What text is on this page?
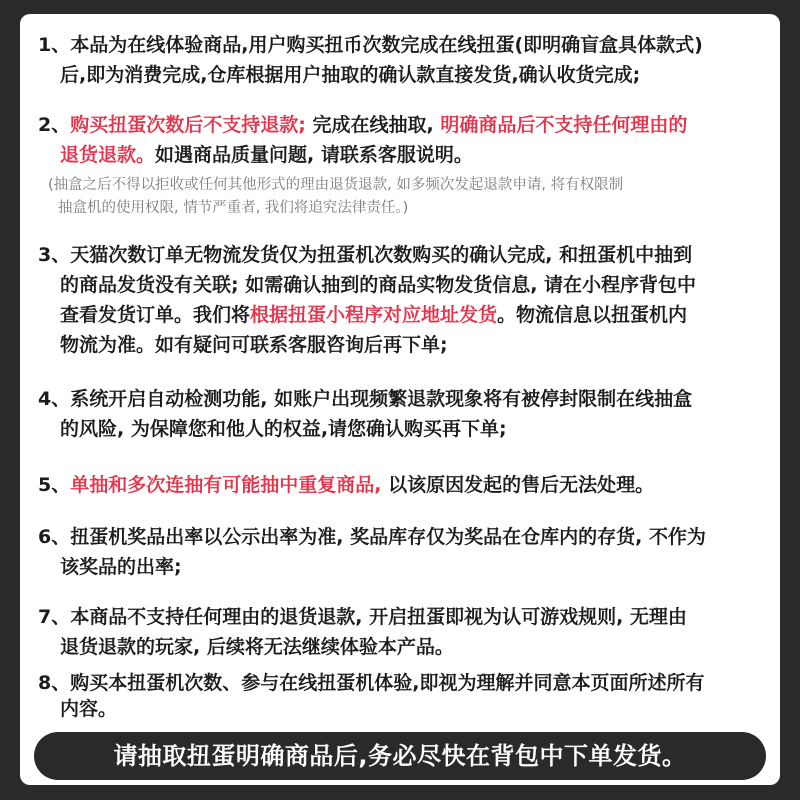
1、本品为在线体验商品,用户购买扭币次数完成在线扭蛋(即明确盲盒具体款式)
后,即为消费完成,仓库根据用户抽取的确认款直接发货,确认收货完成;
2、购买扭蛋次数后不支持退款; 完成在线抽取, 明确商品后不支持任何理由的
退货退款。如遇商品质量问题, 请联系客服说明。
(抽盒之后不得以拒收或任何其他形式的理由退货退款, 如多频次发起退款申请, 将有权限制
抽盒机的使用权限, 情节严重者, 我们将追究法律责任。)
3、天猫次数订单无物流发货仅为扭蛋机次数购买的确认完成, 和扭蛋机中抽到
的商品发货没有关联; 如需确认抽到的商品实物发货信息, 请在小程序背包中
查看发货订单。我们将根据扭蛋小程序对应地址发货。物流信息以扭蛋机内
物流为准。如有疑问可联系客服咨询后再下单;
4、系统开启自动检测功能, 如账户出现频繁退款现象将有被停封限制在线抽盒
的风险, 为保障您和他人的权益,请您确认购买再下单;
5、单抽和多次连抽有可能抽中重复商品, 以该原因发起的售后无法处理。
6、扭蛋机奖品出率以公示出率为准, 奖品库存仅为奖品在仓库内的存货, 不作为
该奖品的出率;
7、本商品不支持任何理由的退货退款, 开启扭蛋即视为认可游戏规则, 无理由
退货退款的玩家, 后续将无法继续体验本产品。
8、购买本扭蛋机次数、参与在线扭蛋机体验,即视为理解并同意本页面所述所有
内容。
请抽取扭蛋明确商品后,务必尽快在背包中下单发货。
